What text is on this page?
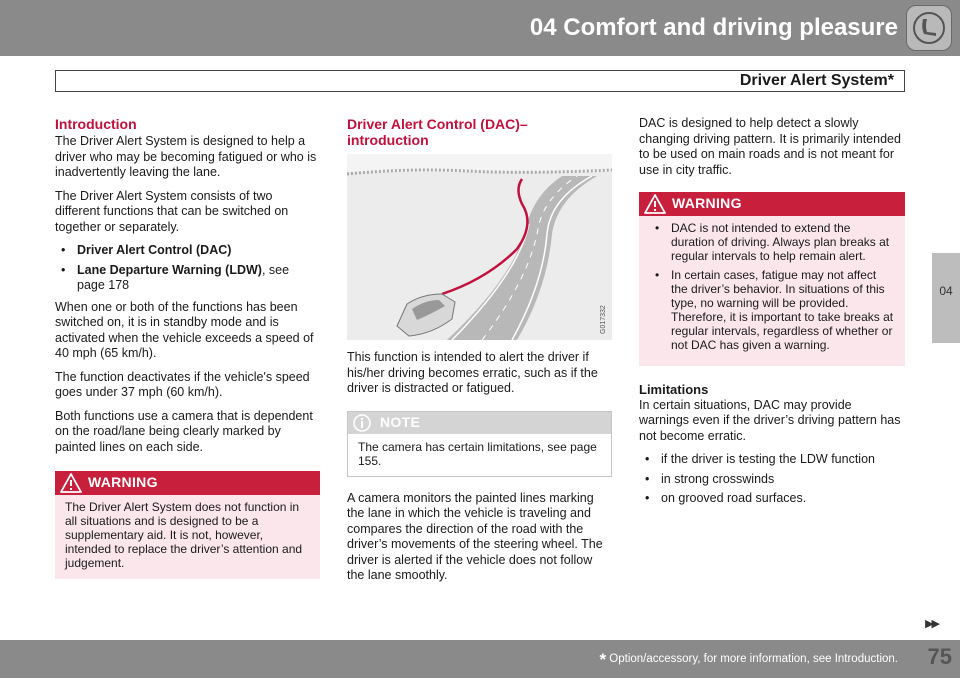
04 Comfort and driving pleasure
Driver Alert System*
04
Introduction

The Driver Alert System is designed to help a driver who may be becoming fatigued or who is inadvertently leaving the lane.

The Driver Alert System consists of two different functions that can be switched on together or separately.

• Driver Alert Control (DAC)
• Lane Departure Warning (LDW), see page 178

When one or both of the functions has been switched on, it is in standby mode and is activated when the vehicle exceeds a speed of 40 mph (65 km/h).

The function deactivates if the vehicle's speed goes under 37 mph (60 km/h).

Both functions use a camera that is dependent on the road/lane being clearly marked by painted lines on each side.

WARNING
The Driver Alert System does not function in all situations and is designed to be a supplementary aid. It is not, however, intended to replace the driver’s attention and judgement.
Driver Alert Control (DAC)– introduction
G017332

This function is intended to alert the driver if his/her driving becomes erratic, such as if the driver is distracted or fatigued.

NOTE
The camera has certain limitations, see page 155.

A camera monitors the painted lines marking the lane in which the vehicle is traveling and compares the direction of the road with the driver’s movements of the steering wheel. The driver is alerted if the vehicle does not follow the lane smoothly.

DAC is designed to help detect a slowly changing driving pattern. It is primarily intended to be used on main roads and is not meant for use in city traffic.

WARNING
• DAC is not intended to extend the duration of driving. Always plan breaks at regular intervals to help remain alert.
• In certain cases, fatigue may not affect the driver’s behavior. In situations of this type, no warning will be provided. Therefore, it is important to take breaks at regular intervals, regardless of whether or not DAC has given a warning.
Limitations

In certain situations, DAC may provide warnings even if the driver’s driving pattern has not become erratic.

• if the driver is testing the LDW function
• in strong crosswinds
• on grooved road surfaces.
▶▶
* Option/accessory, for more information, see Introduction. 75
